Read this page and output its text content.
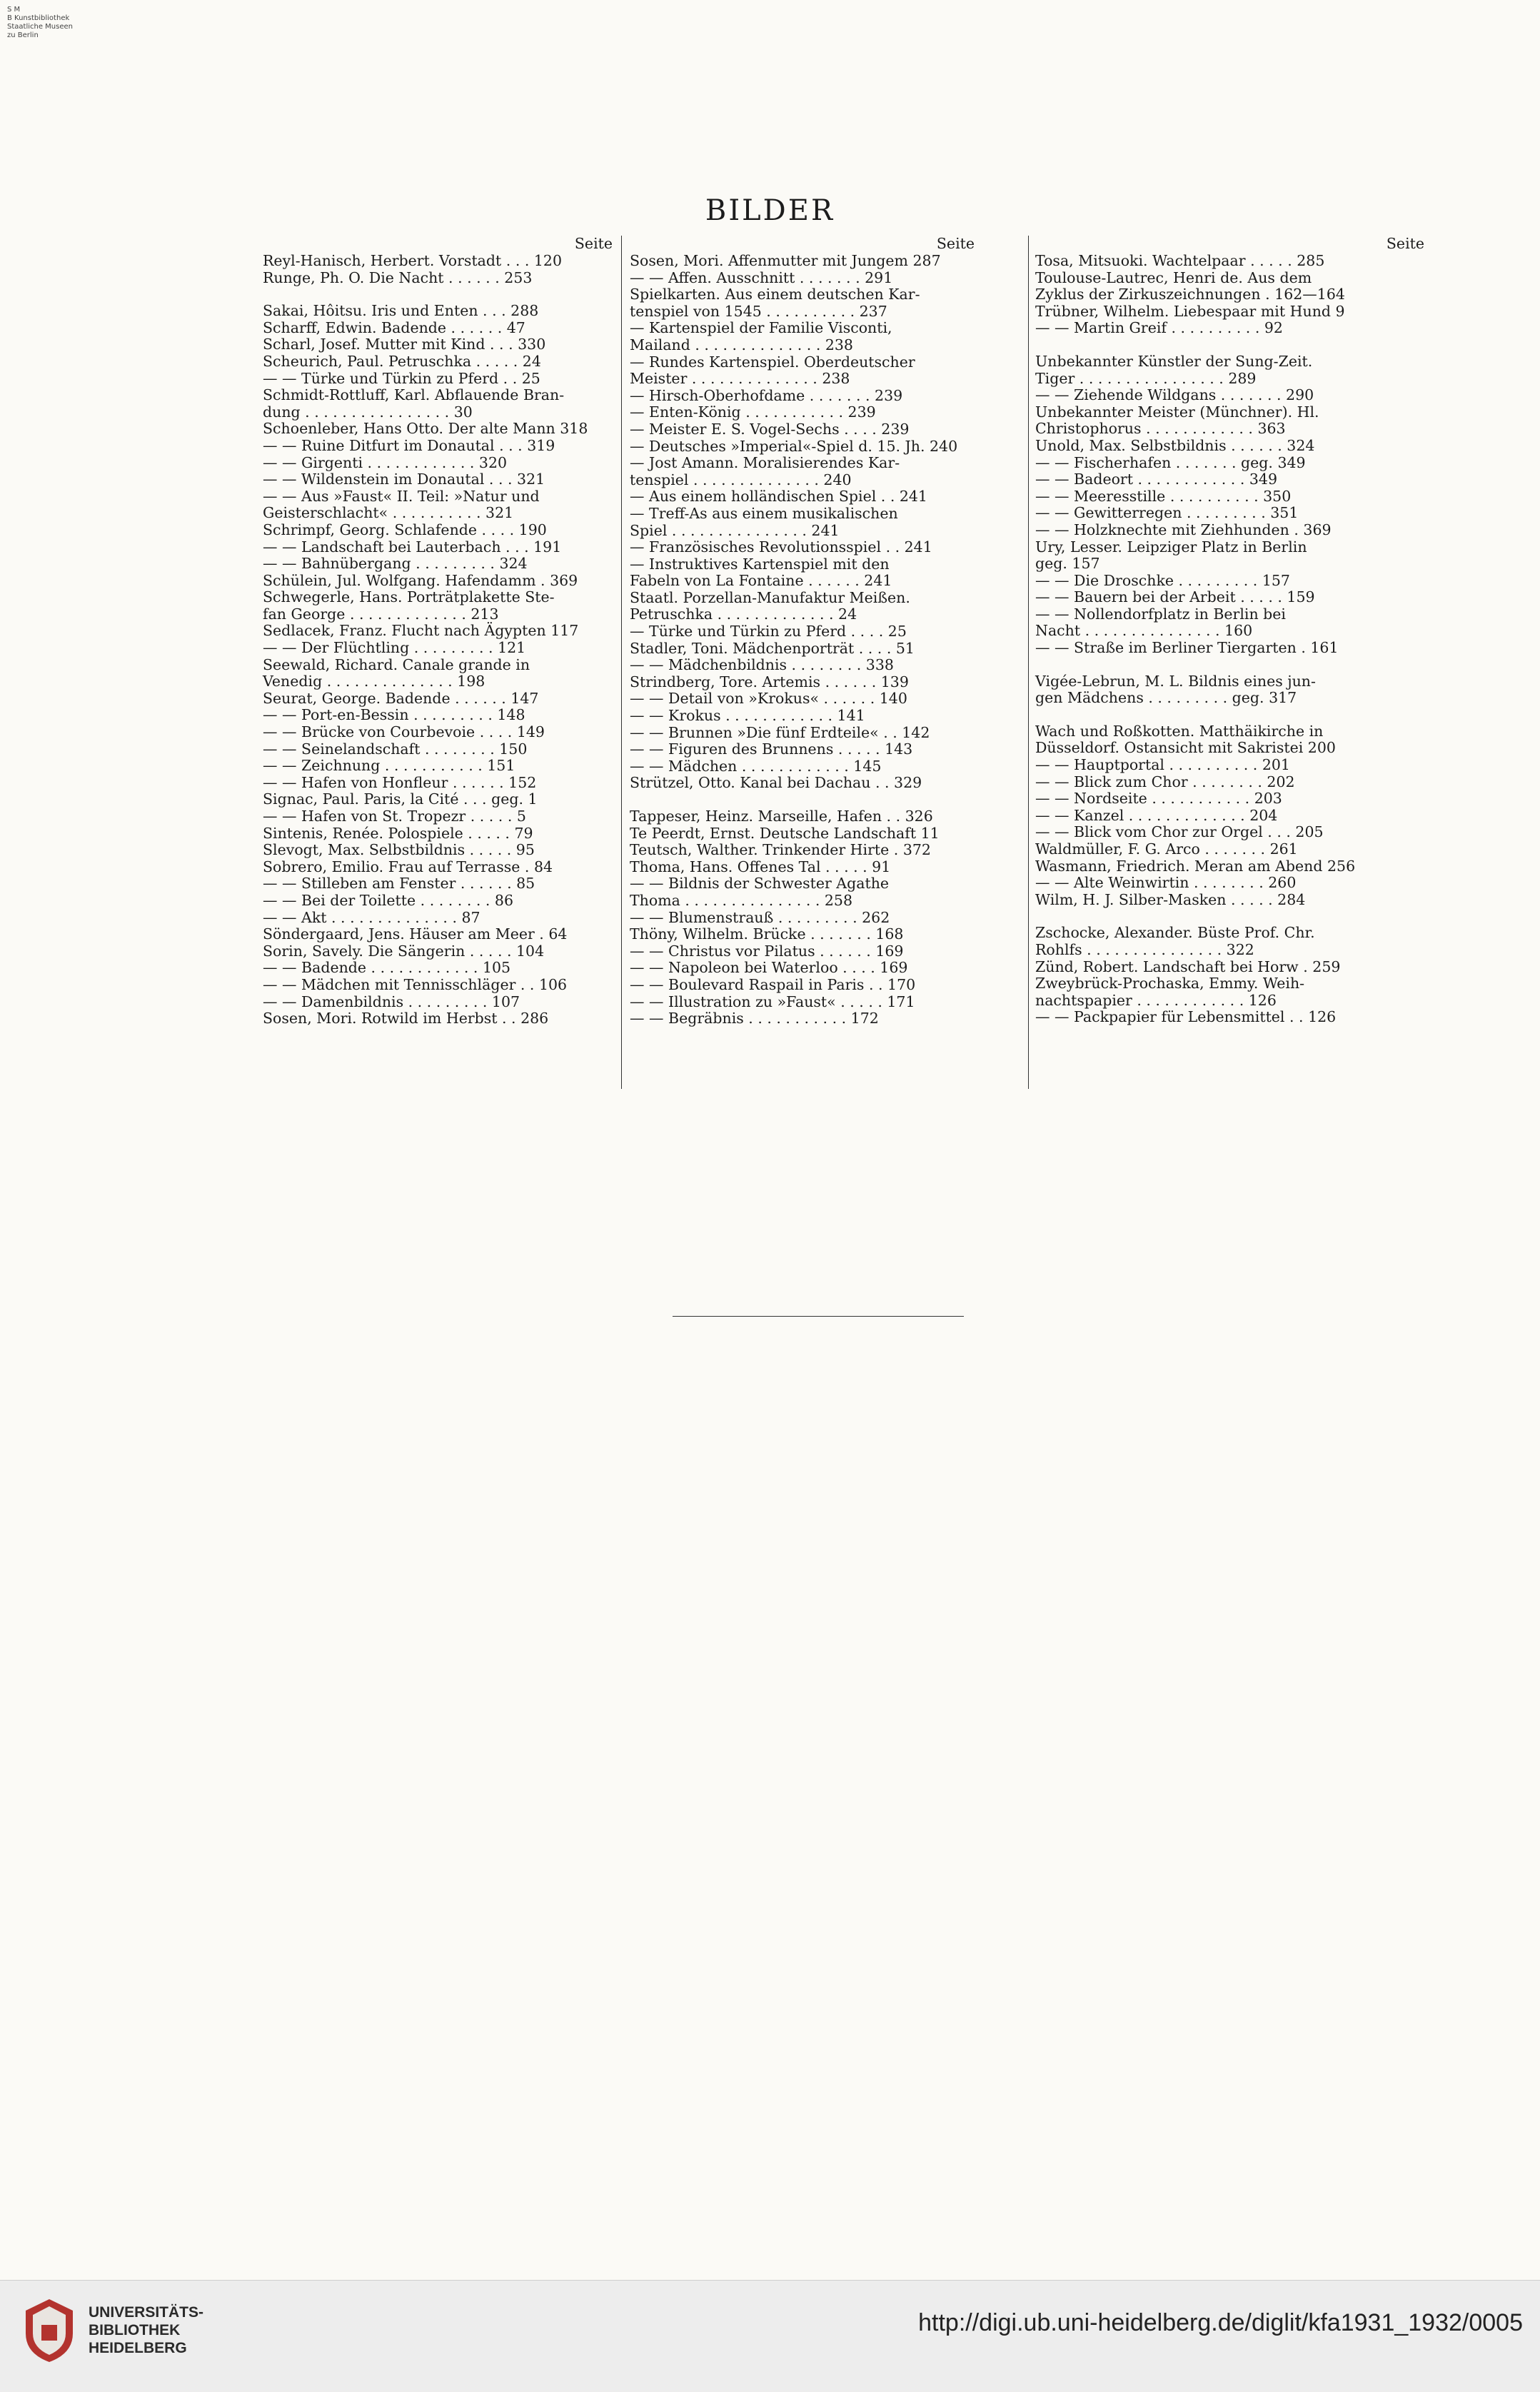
S M
B Kunstbibliothek
Staatliche Museen
zu Berlin
BILDER
Seite
Reyl-Hanisch, Herbert. Vorstadt . . . 120
Runge, Ph. O. Die Nacht . . . . . . 253
Sakai, Hôitsu. Iris und Enten . . . 288
Scharff, Edwin. Badende . . . . . . 47
Scharl, Josef. Mutter mit Kind . . . 330
Scheurich, Paul. Petruschka . . . . . 24
— — Türke und Türkin zu Pferd . . 25
Schmidt-Rottluff, Karl. Abflauende Bran-
dung . . . . . . . . . . . . . . . . 30
Schoenleber, Hans Otto. Der alte Mann 318
— — Ruine Ditfurt im Donautal . . . 319
— — Girgenti . . . . . . . . . . . . 320
— — Wildenstein im Donautal . . . 321
— — Aus »Faust« II. Teil: »Natur und
Geisterschlacht« . . . . . . . . . . 321
Schrimpf, Georg. Schlafende . . . . 190
— — Landschaft bei Lauterbach . . . 191
— — Bahnübergang . . . . . . . . . 324
Schülein, Jul. Wolfgang. Hafendamm . 369
Schwegerle, Hans. Porträtplakette Ste-
fan George . . . . . . . . . . . . . 213
Sedlacek, Franz. Flucht nach Ägypten 117
— — Der Flüchtling . . . . . . . . . 121
Seewald, Richard. Canale grande in
Venedig . . . . . . . . . . . . . . 198
Seurat, George. Badende . . . . . . 147
— — Port-en-Bessin . . . . . . . . . 148
— — Brücke von Courbevoie . . . . 149
— — Seinelandschaft . . . . . . . . 150
— — Zeichnung . . . . . . . . . . . 151
— — Hafen von Honfleur . . . . . . 152
Signac, Paul. Paris, la Cité . . . geg. 1
— — Hafen von St. Tropezr . . . . . 5
Sintenis, Renée. Polospiele . . . . . 79
Slevogt, Max. Selbstbildnis . . . . . 95
Sobrero, Emilio. Frau auf Terrasse . 84
— — Stilleben am Fenster . . . . . . 85
— — Bei der Toilette . . . . . . . . 86
— — Akt . . . . . . . . . . . . . . 87
Söndergaard, Jens. Häuser am Meer . 64
Sorin, Savely. Die Sängerin . . . . . 104
— — Badende . . . . . . . . . . . . 105
— — Mädchen mit Tennisschläger . . 106
— — Damenbildnis . . . . . . . . . 107
Sosen, Mori. Rotwild im Herbst . . 286
Seite
Sosen, Mori. Affenmutter mit Jungem 287
— — Affen. Ausschnitt . . . . . . . 291
Spielkarten. Aus einem deutschen Kar-
tenspiel von 1545 . . . . . . . . . . 237
— Kartenspiel der Familie Visconti,
Mailand . . . . . . . . . . . . . . 238
— Rundes Kartenspiel. Oberdeutscher
Meister . . . . . . . . . . . . . . 238
— Hirsch-Oberhofdame . . . . . . . 239
— Enten-König . . . . . . . . . . . 239
— Meister E. S. Vogel-Sechs . . . . 239
— Deutsches »Imperial«-Spiel d. 15. Jh. 240
— Jost Amann. Moralisierendes Kar-
tenspiel . . . . . . . . . . . . . . 240
— Aus einem holländischen Spiel . . 241
— Treff-As aus einem musikalischen
Spiel . . . . . . . . . . . . . . . 241
— Französisches Revolutionsspiel . . 241
— Instruktives Kartenspiel mit den
Fabeln von La Fontaine . . . . . . 241
Staatl. Porzellan-Manufaktur Meißen.
Petruschka . . . . . . . . . . . . . 24
— Türke und Türkin zu Pferd . . . . 25
Stadler, Toni. Mädchenporträt . . . . 51
— — Mädchenbildnis . . . . . . . . 338
Strindberg, Tore. Artemis . . . . . . 139
— — Detail von »Krokus« . . . . . . 140
— — Krokus . . . . . . . . . . . . 141
— — Brunnen »Die fünf Erdteile« . . 142
— — Figuren des Brunnens . . . . . 143
— — Mädchen . . . . . . . . . . . . 145
Strützel, Otto. Kanal bei Dachau . . 329
Tappeser, Heinz. Marseille, Hafen . . 326
Te Peerdt, Ernst. Deutsche Landschaft 11
Teutsch, Walther. Trinkender Hirte . 372
Thoma, Hans. Offenes Tal . . . . . 91
— — Bildnis der Schwester Agathe
Thoma . . . . . . . . . . . . . . . 258
— — Blumenstrauß . . . . . . . . . 262
Thöny, Wilhelm. Brücke . . . . . . . 168
— — Christus vor Pilatus . . . . . . 169
— — Napoleon bei Waterloo . . . . 169
— — Boulevard Raspail in Paris . . 170
— — Illustration zu »Faust« . . . . . 171
— — Begräbnis . . . . . . . . . . . 172
Seite
Tosa, Mitsuoki. Wachtelpaar . . . . . 285
Toulouse-Lautrec, Henri de. Aus dem
Zyklus der Zirkuszeichnungen . 162—164
Trübner, Wilhelm. Liebespaar mit Hund 9
— — Martin Greif . . . . . . . . . . 92
Unbekannter Künstler der Sung-Zeit.
Tiger . . . . . . . . . . . . . . . . 289
— — Ziehende Wildgans . . . . . . . 290
Unbekannter Meister (Münchner). Hl.
Christophorus . . . . . . . . . . . . 363
Unold, Max. Selbstbildnis . . . . . . 324
— — Fischerhafen . . . . . . . geg. 349
— — Badeort . . . . . . . . . . . . 349
— — Meeresstille . . . . . . . . . . 350
— — Gewitterregen . . . . . . . . . 351
— — Holzknechte mit Ziehhunden . 369
Ury, Lesser. Leipziger Platz in Berlin
geg. 157
— — Die Droschke . . . . . . . . . 157
— — Bauern bei der Arbeit . . . . . 159
— — Nollendorfplatz in Berlin bei
Nacht . . . . . . . . . . . . . . . 160
— — Straße im Berliner Tiergarten . 161
Vigée-Lebrun, M. L. Bildnis eines jun-
gen Mädchens . . . . . . . . . geg. 317
Wach und Roßkotten. Matthäikirche in
Düsseldorf. Ostansicht mit Sakristei 200
— — Hauptportal . . . . . . . . . . 201
— — Blick zum Chor . . . . . . . . 202
— — Nordseite . . . . . . . . . . . 203
— — Kanzel . . . . . . . . . . . . . 204
— — Blick vom Chor zur Orgel . . . 205
Waldmüller, F. G. Arco . . . . . . . 261
Wasmann, Friedrich. Meran am Abend 256
— — Alte Weinwirtin . . . . . . . . 260
Wilm, H. J. Silber-Masken . . . . . 284
Zschocke, Alexander. Büste Prof. Chr.
Rohlfs . . . . . . . . . . . . . . . 322
Zünd, Robert. Landschaft bei Horw . 259
Zweybrück-Prochaska, Emmy. Weih-
nachtspapier . . . . . . . . . . . . 126
— — Packpapier für Lebensmittel . . 126
UNIVERSITÄTS-
BIBLIOTHEK
HEIDELBERG
http://digi.ub.uni-heidelberg.de/diglit/kfa1931_1932/0005
